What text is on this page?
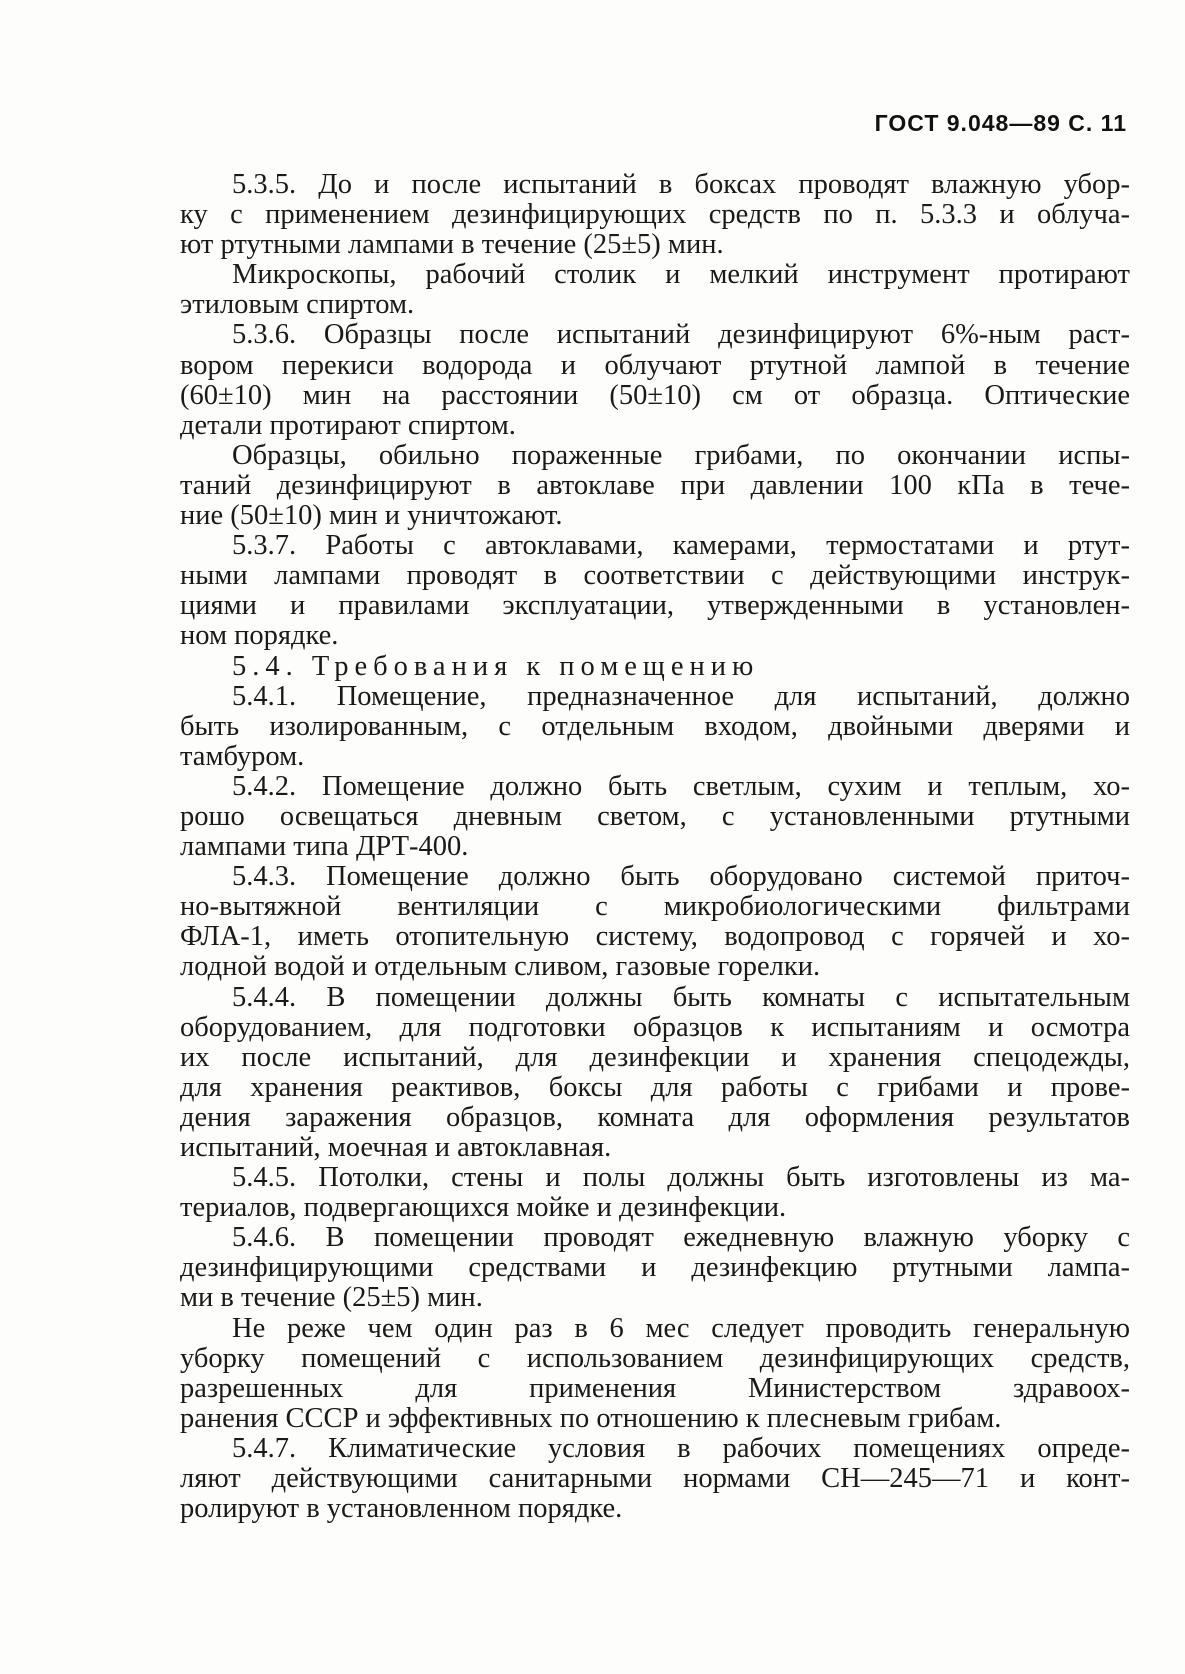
ГОСТ 9.048—89 С. 11
5.3.5. До и после испытаний в боксах проводят влажную убор-
ку с применением дезинфицирующих средств по п. 5.3.3 и облуча-
ют ртутными лампами в течение (25±5) мин.
Микроскопы, рабочий столик и мелкий инструмент протирают
этиловым спиртом.
5.3.6. Образцы после испытаний дезинфицируют 6%-ным раст-
вором перекиси водорода и облучают ртутной лампой в течение
(60±10) мин на расстоянии (50±10) см от образца. Оптические
детали протирают спиртом.
Образцы, обильно пораженные грибами, по окончании испы-
таний дезинфицируют в автоклаве при давлении 100 кПа в тече-
ние (50±10) мин и уничтожают.
5.3.7. Работы с автоклавами, камерами, термостатами и ртут-
ными лампами проводят в соответствии с действующими инструк-
циями и правилами эксплуатации, утвержденными в установлен-
ном порядке.
5.4. Требования к помещению
5.4.1. Помещение, предназначенное для испытаний, должно
быть изолированным, с отдельным входом, двойными дверями и
тамбуром.
5.4.2. Помещение должно быть светлым, сухим и теплым, хо-
рошо освещаться дневным светом, с установленными ртутными
лампами типа ДРТ-400.
5.4.3. Помещение должно быть оборудовано системой приточ-
но-вытяжной вентиляции с микробиологическими фильтрами
ФЛА-1, иметь отопительную систему, водопровод с горячей и хо-
лодной водой и отдельным сливом, газовые горелки.
5.4.4. В помещении должны быть комнаты с испытательным
оборудованием, для подготовки образцов к испытаниям и осмотра
их после испытаний, для дезинфекции и хранения спецодежды,
для хранения реактивов, боксы для работы с грибами и прове-
дения заражения образцов, комната для оформления результатов
испытаний, моечная и автоклавная.
5.4.5. Потолки, стены и полы должны быть изготовлены из ма-
териалов, подвергающихся мойке и дезинфекции.
5.4.6. В помещении проводят ежедневную влажную уборку с
дезинфицирующими средствами и дезинфекцию ртутными лампа-
ми в течение (25±5) мин.
Не реже чем один раз в 6 мес следует проводить генеральную
уборку помещений с использованием дезинфицирующих средств,
разрешенных для применения Министерством здравоох-
ранения СССР и эффективных по отношению к плесневым грибам.
5.4.7. Климатические условия в рабочих помещениях опреде-
ляют действующими санитарными нормами СН—245—71 и конт-
ролируют в установленном порядке.
